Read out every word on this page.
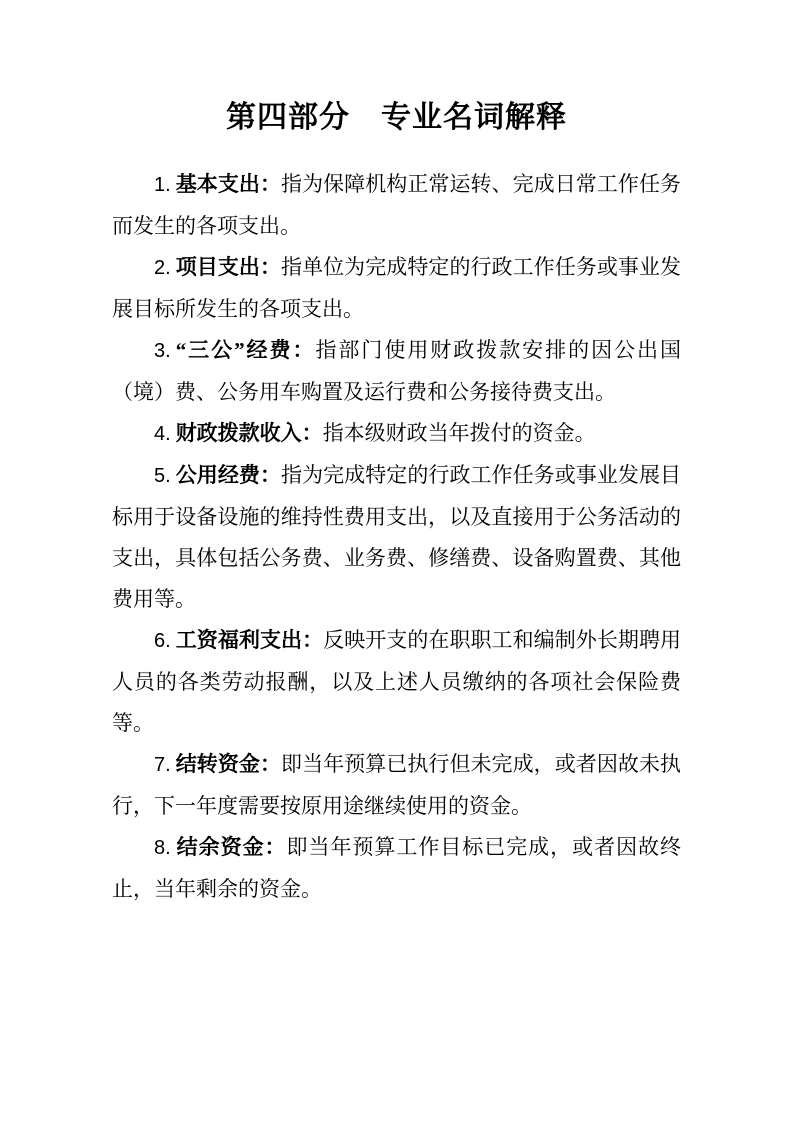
第四部分　专业名词解释

1. 基本支出：指为保障机构正常运转、完成日常工作任务而发生的各项支出。

2. 项目支出：指单位为完成特定的行政工作任务或事业发展目标所发生的各项支出。

3. “三公”经费：指部门使用财政拨款安排的因公出国（境）费、公务用车购置及运行费和公务接待费支出。

4. 财政拨款收入：指本级财政当年拨付的资金。

5. 公用经费：指为完成特定的行政工作任务或事业发展目标用于设备设施的维持性费用支出，以及直接用于公务活动的支出，具体包括公务费、业务费、修缮费、设备购置费、其他费用等。

6. 工资福利支出：反映开支的在职职工和编制外长期聘用人员的各类劳动报酬，以及上述人员缴纳的各项社会保险费等。

7. 结转资金：即当年预算已执行但未完成，或者因故未执行，下一年度需要按原用途继续使用的资金。

8. 结余资金：即当年预算工作目标已完成，或者因故终止，当年剩余的资金。
